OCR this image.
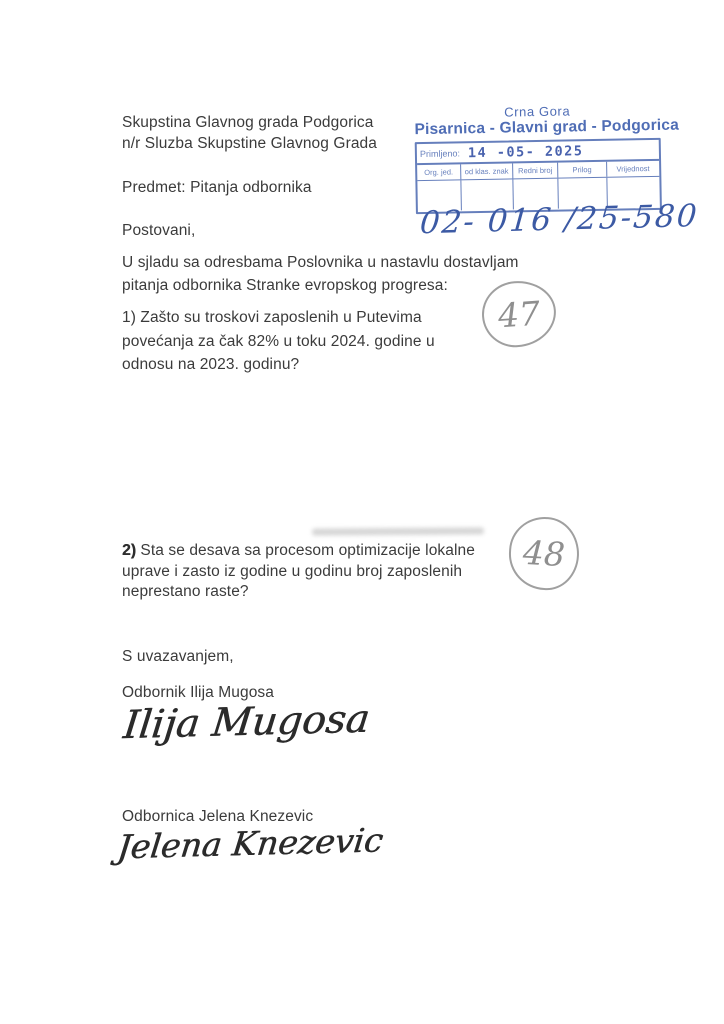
Skupstina Glavnog grada Podgorica
n/r Sluzba Skupstine Glavnog Grada
Crna Gora
Pisarnica - Glavni grad - Podgorica
Primljeno: 14 -05- 2025
Org. jed.	od klas. znak	Redni broj	Prilog	Vrijednost
02- 016 /25-580
Predmet: Pitanja odbornika
Postovani,
U sjladu sa odresbama Poslovnika u nastavlu dostavljam
pitanja odbornika Stranke evropskog progresa:
1) Zašto su troskovi zaposlenih u Putevima
povećanja za čak 82% u toku 2024. godine u
odnosu na 2023. godinu?
47
2) Sta se desava sa procesom optimizacije lokalne
uprave i zasto iz godine u godinu broj zaposlenih
neprestano raste?
48
S uvazavanjem,
Odbornik Ilija Mugosa
Ilija Mugosa
Odbornica Jelena Knezevic
Jelena Knezevic
